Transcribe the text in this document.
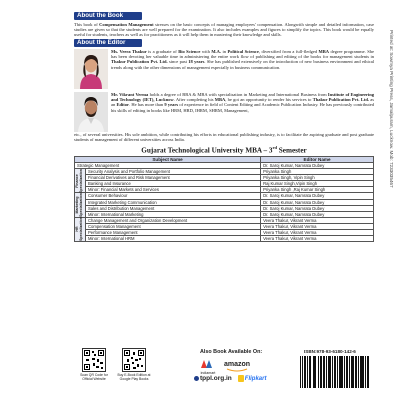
About the Book

This book of Compensation Management stresses on the basic concepts of managing employees' compensation. Alongwith simple and detailed information, case studies are given so that the students are well prepared for the examination. It also includes examples and figures to simplify the topics. This book would be equally useful for students, teachers as well as for practitioners as it will help them in mastering their knowledge and skills.

About the Editor

Ms. Veera Thakur is a graduate of Bio Science with M.A. in Political Science, diversified from a full-fledged MBA degree programme. She has been devoting her valuable time in administering the entire work flow of publishing and editing of the books for management students in Thakur Publication Pvt. Ltd. since past 18 years. She has published extensively on the introduction of new business environment and ethical trends along with the other dimensions of management especially in business communication.

Mr. Vikrant Verma holds a degree of BBA & MBA with specialisation in Marketing and International Business from Institute of Engineering and Technology (IET), Lucknow. After completing his MBA, he got an opportunity to render his services to Thakur Publication Pvt. Ltd. as an Editor. He has more than 9 years of experience in field of Content Editing and Academic Publication Industry. He has previously contributed his skills of editing in books like HRM, HRD, IHRM, SHRM, Management,

etc., of several universities. His sole ambition, while contributing his efforts in educational publishing industry, is to facilitate the aspiring graduate and post graduate students of management of different universities across India.

Gujarat Technological University MBA – 3rd Semester
Subject Name		Editor Name
Strategic Management		Dr. Saroj Kumar, Namrata Dubey

Finance Specialization	Security Analysis and Portfolio Management	Priyanka Singh
	Financial Derivatives and Risk Management	Priyanka Singh, Vipin Singh
	Banking and Insurance	Raj Kumar Singh,Vipin Singh
	Minor: Financial Markets and Services	Priyanka Singh ,Raj Kumar Singh

Marketing Specialization	Consumer Behaviour	Dr. Saroj Kumar, Namrata Dubey
	Integrated Marketing Communication	Dr. Saroj Kumar, Namrata Dubey
	Sales and Distribution Management	Dr. Saroj Kumar, Namrata Dubey
	Minor: International Marketing	Dr. Saroj Kumar, Namrata Dubey

HR Specialization	Change Management and Organization Development	Veera Thakur, Vikrant Verma
	Compensation Management	Veera Thakur, Vikrant Verma
	Performance Management	Veera Thakur, Vikrant Verma
	Minor: International HRM	Veera Thakur, Vikrant Verma
Printed at: Sowmya Printing Press, Jamalpuram, Lucknow. Mob: 7233035467
Scan QR Code for Official Website
Buy E-Book Edition at Google Play Books
Also Book Available On:
indiamart
amazon
tppl.org.in Flipkart
ISBN:978-93-6180-142-6
